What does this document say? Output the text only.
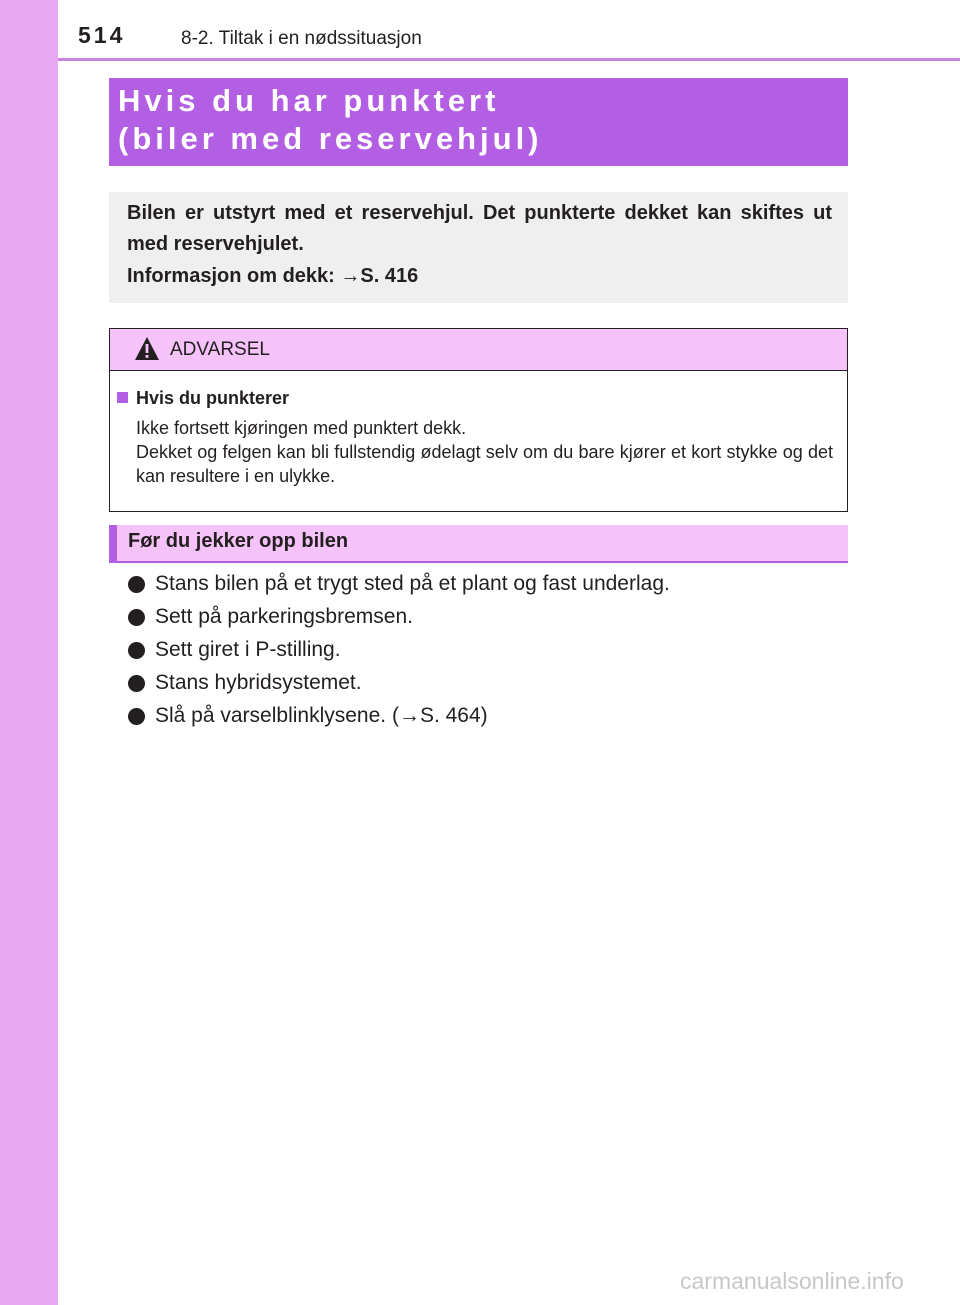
514	8-2. Tiltak i en nødssituasjon
Hvis du har punktert
(biler med reservehjul)
Bilen er utstyrt med et reservehjul. Det punkterte dekket kan skiftes ut med reservehjulet.
Informasjon om dekk: →S. 416
ADVARSEL
Hvis du punkterer

Ikke fortsett kjøringen med punktert dekk.

Dekket og felgen kan bli fullstendig ødelagt selv om du bare kjører et kort stykke og det kan resultere i en ulykke.

Før du jekker opp bilen
Stans bilen på et trygt sted på et plant og fast underlag.
Sett på parkeringsbremsen.
Sett giret i P-stilling.
Stans hybridsystemet.
Slå på varselblinklysene. (→S. 464)
carmanualsonline.info
